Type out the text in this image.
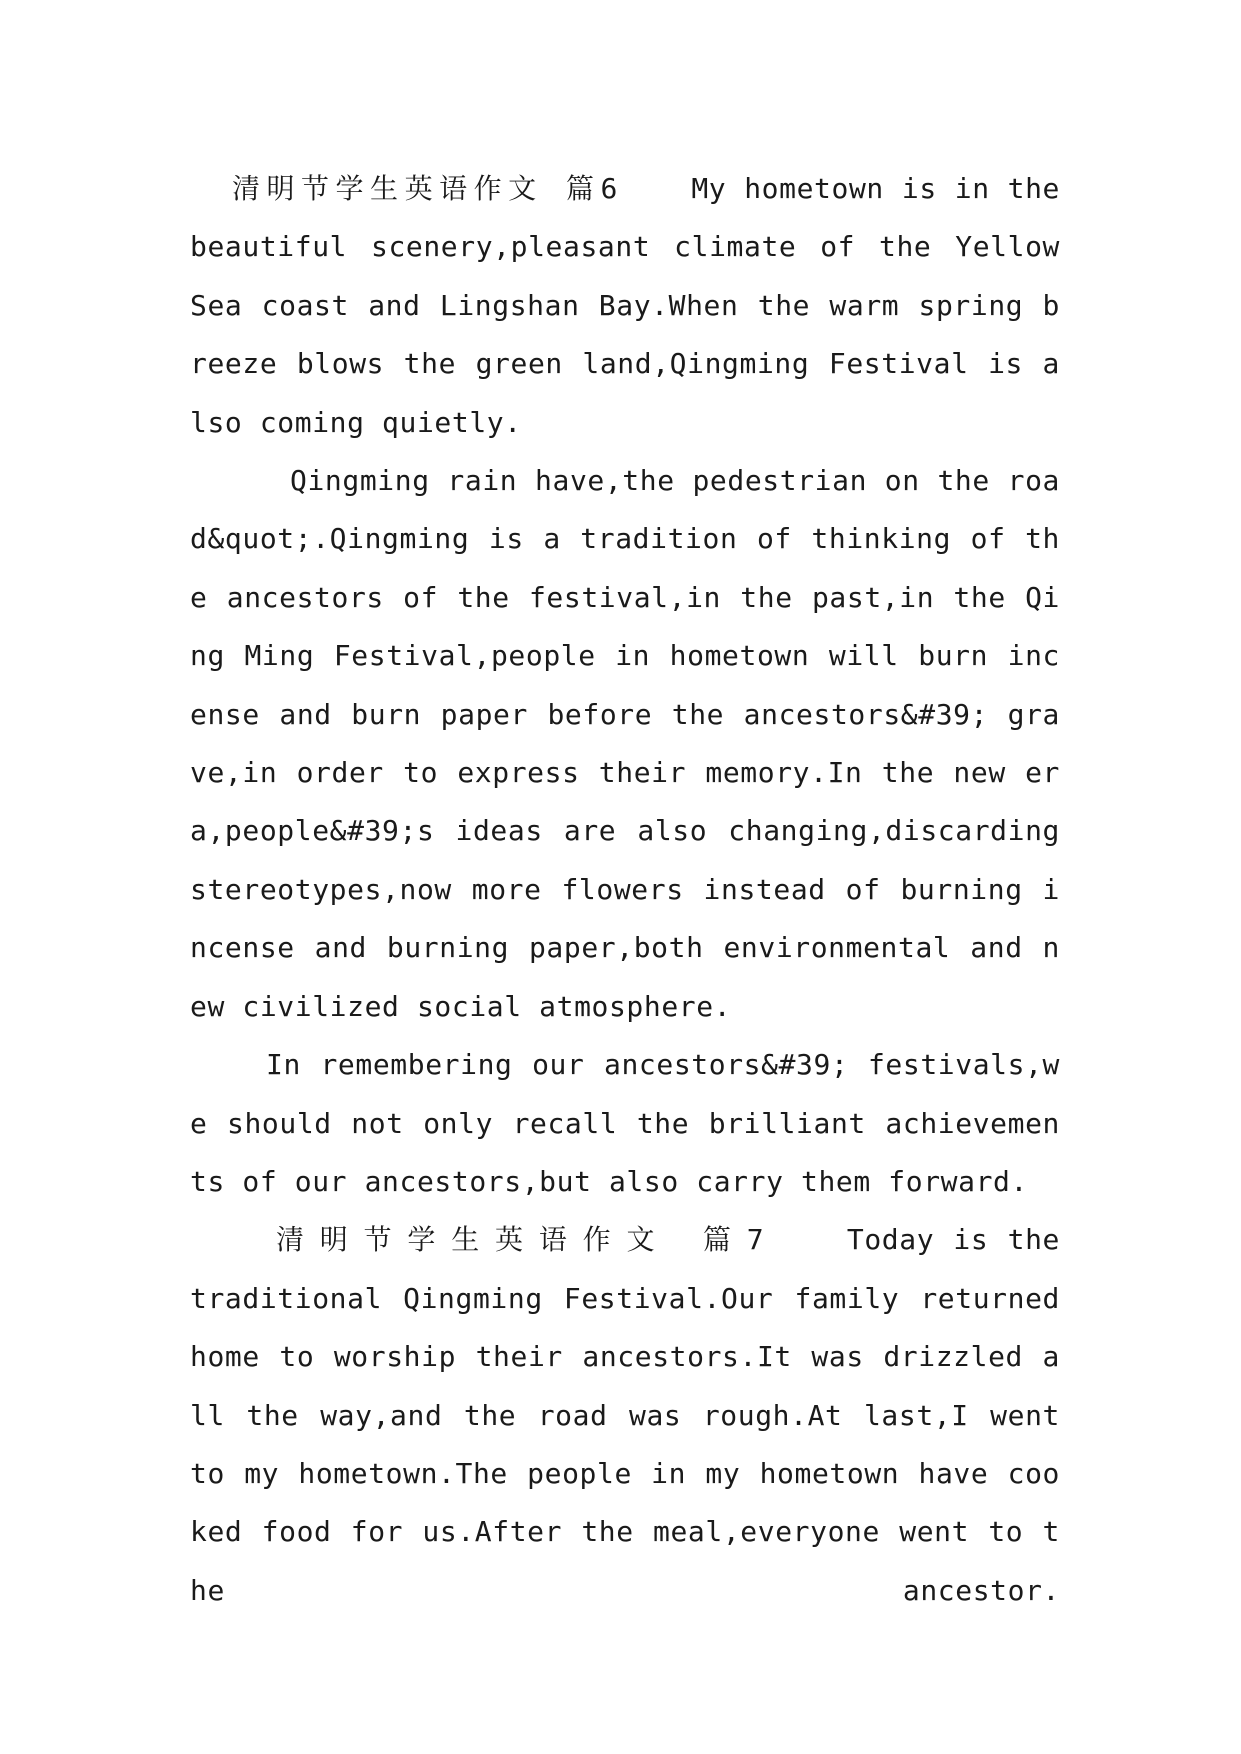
清明节学生英语作文 篇6 My hometown is in the beautiful scenery,pleasant climate of the Yellow Sea coast and Lingshan Bay.When the warm spring breeze blows the green land,Qingming Festival is also coming quietly.

Qingming rain have,the pedestrian on the road&quot;.Qingming is a tradition of thinking of the ancestors of the festival,in the past,in the Qing Ming Festival,people in hometown will burn incense and burn paper before the ancestors&#39; grave,in order to express their memory.In the new era,people&#39;s ideas are also changing,discarding stereotypes,now more flowers instead of burning incense and burning paper,both environmental and new civilized social atmosphere.

In remembering our ancestors&#39; festivals,we should not only recall the brilliant achievements of our ancestors,but also carry them forward.

清明节学生英语作文 篇7 Today is the traditional Qingming Festival.Our family returned home to worship their ancestors.It was drizzled all the way,and the road was rough.At last,I went to my hometown.The people in my hometown have cooked food for us.After the meal,everyone went to the ancestor.
